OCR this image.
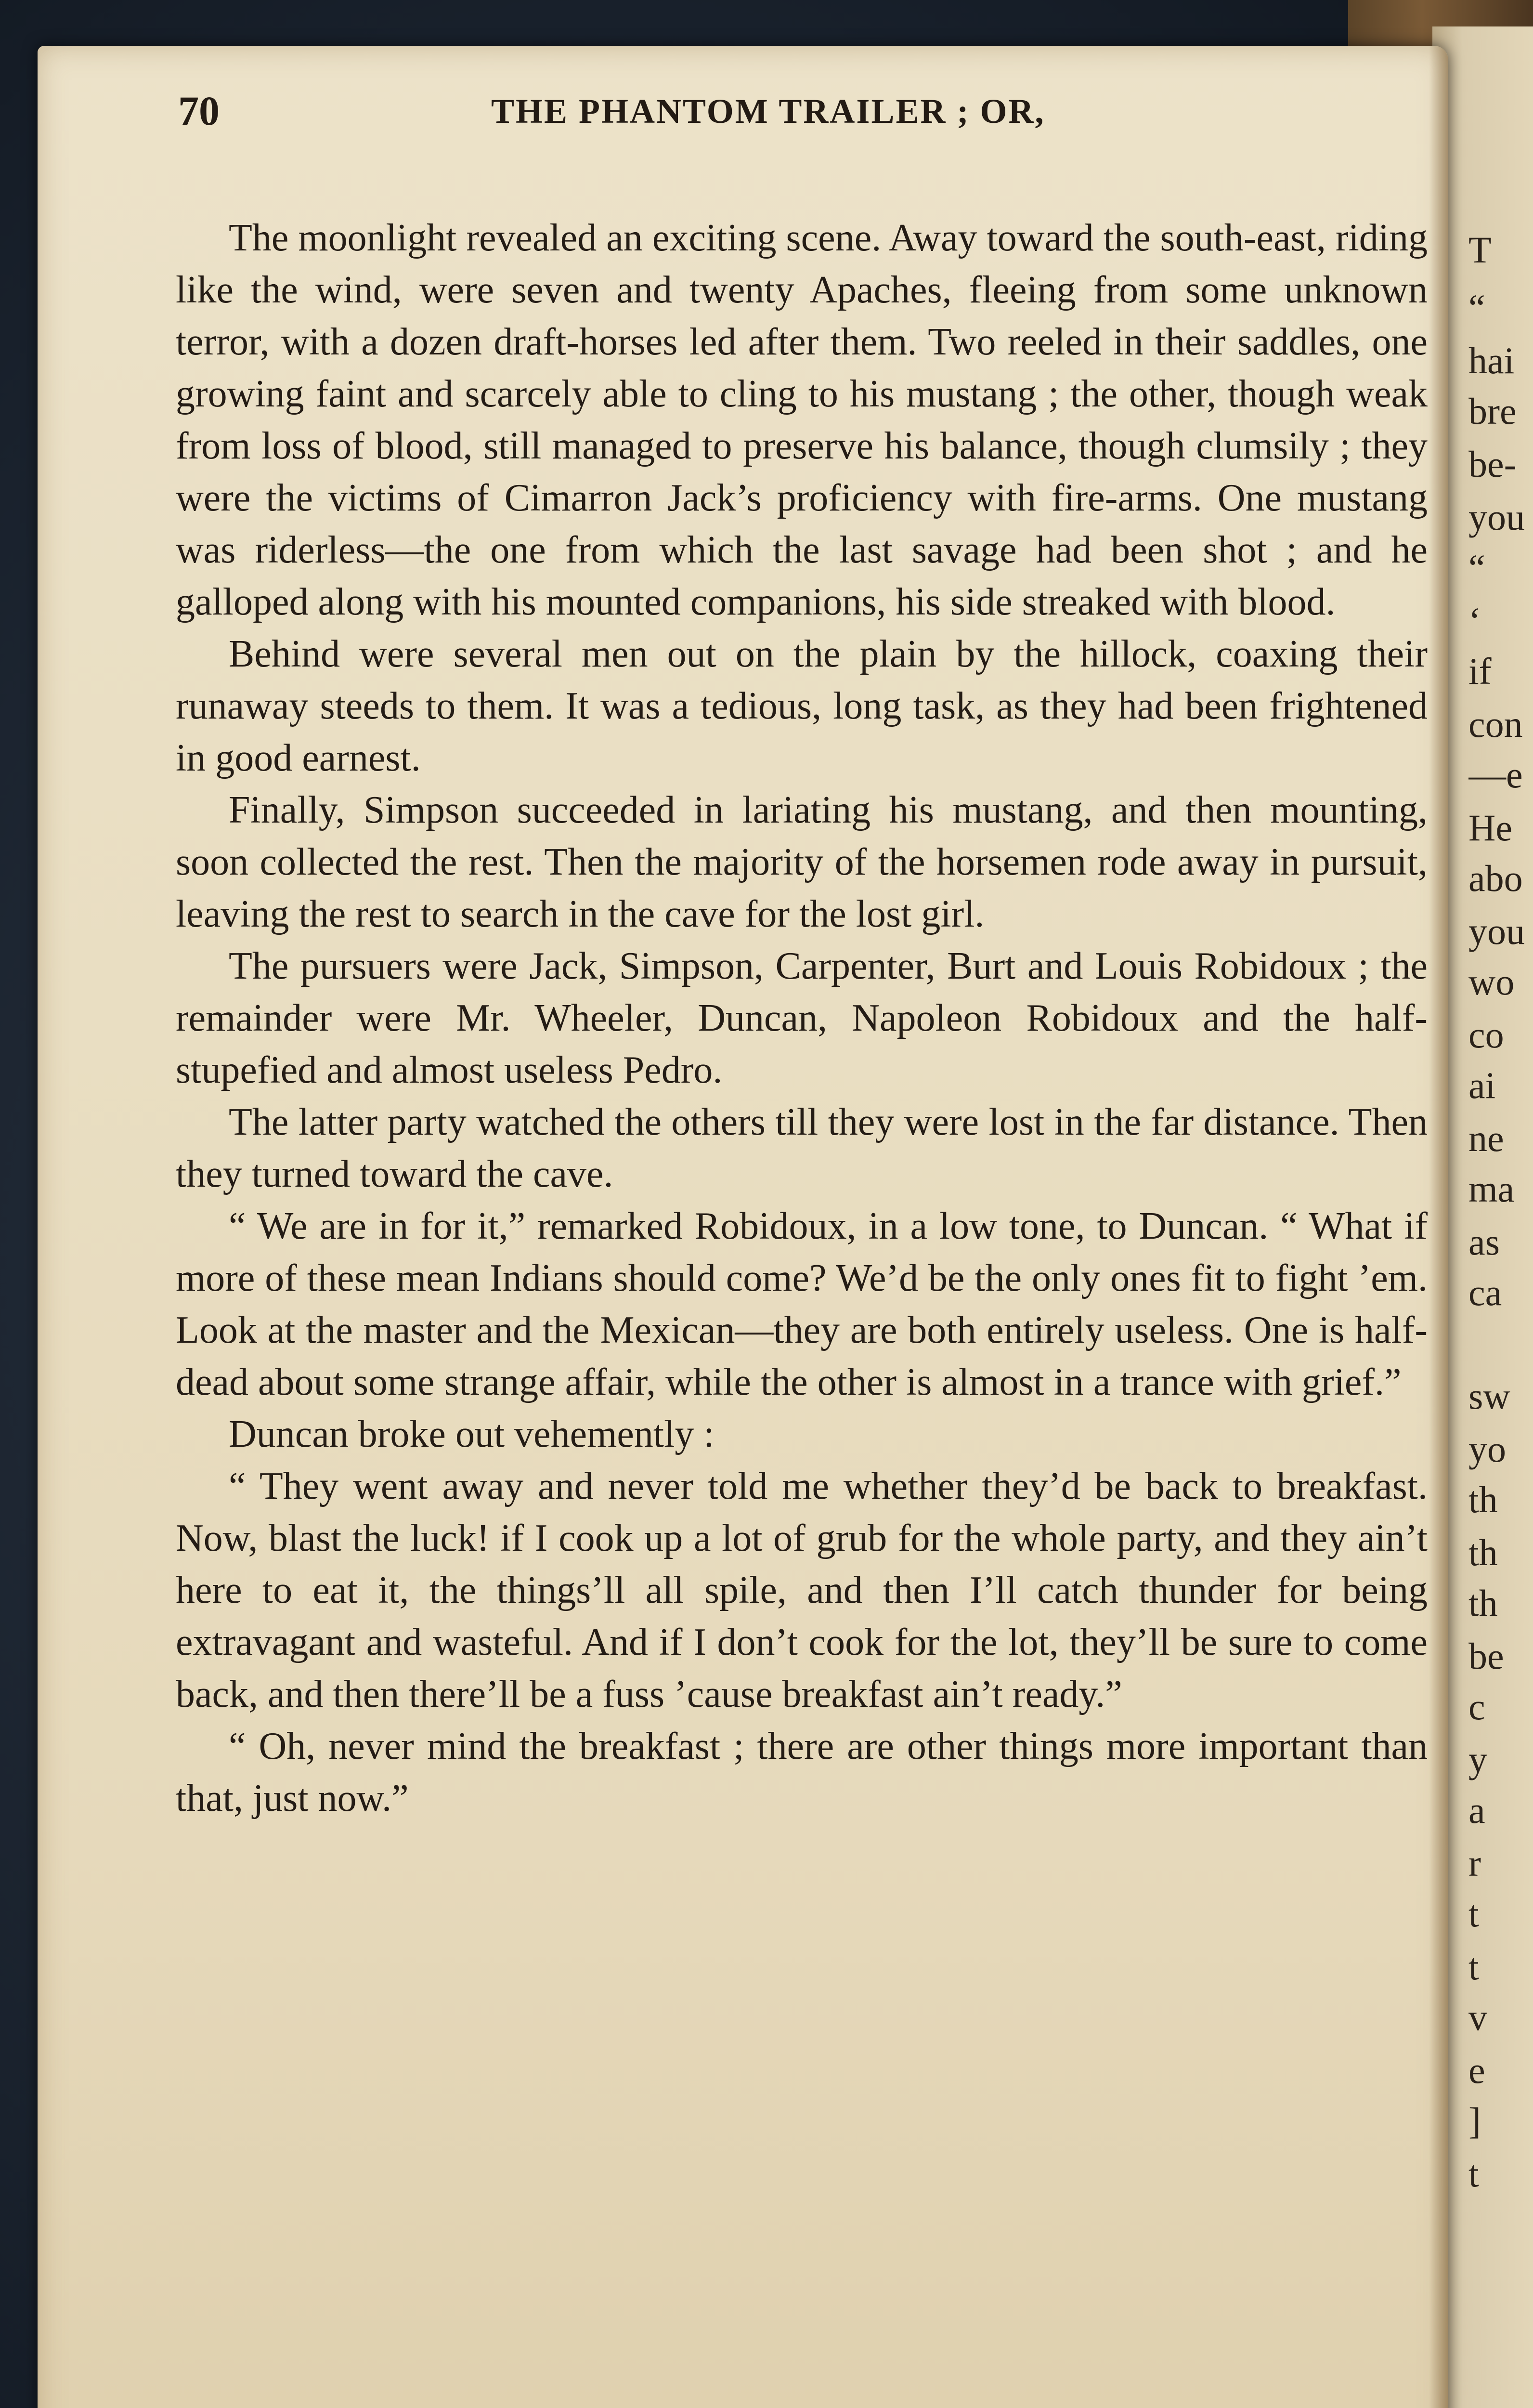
T
“
hai
bre
be-
you
“
‘
if
con
—e
He
abo
you
wo
co
ai
ne
ma
as
ca
sw
yo
th
th
th
be
c
y
a
r
t
t
v
e
]
t
70	THE PHANTOM TRAILER ; OR,

The moonlight revealed an exciting scene. Away toward the south-east, riding like the wind, were seven and twenty Apaches, fleeing from some unknown terror, with a dozen draft-horses led after them. Two reeled in their saddles, one growing faint and scarcely able to cling to his mustang ; the other, though weak from loss of blood, still managed to preserve his balance, though clumsily ; they were the victims of Cimarron Jack’s proficiency with fire-arms. One mustang was riderless—the one from which the last savage had been shot ; and he galloped along with his mounted companions, his side streaked with blood.

Behind were several men out on the plain by the hillock, coaxing their runaway steeds to them. It was a tedious, long task, as they had been frightened in good earnest.

Finally, Simpson succeeded in lariating his mustang, and then mounting, soon collected the rest. Then the majority of the horsemen rode away in pursuit, leaving the rest to search in the cave for the lost girl.

The pursuers were Jack, Simpson, Carpenter, Burt and Louis Robidoux ; the remainder were Mr. Wheeler, Duncan, Napoleon Robidoux and the half-stupefied and almost useless Pedro.

The latter party watched the others till they were lost in the far distance. Then they turned toward the cave.

“ We are in for it,” remarked Robidoux, in a low tone, to Duncan. “ What if more of these mean Indians should come? We’d be the only ones fit to fight ’em. Look at the master and the Mexican—they are both entirely useless. One is half-dead about some strange affair, while the other is almost in a trance with grief.”

Duncan broke out vehemently :

“ They went away and never told me whether they’d be back to breakfast. Now, blast the luck! if I cook up a lot of grub for the whole party, and they ain’t here to eat it, the things’ll all spile, and then I’ll catch thunder for being extravagant and wasteful. And if I don’t cook for the lot, they’ll be sure to come back, and then there’ll be a fuss ’cause breakfast ain’t ready.”

“ Oh, never mind the breakfast ; there are other things more important than that, just now.”
